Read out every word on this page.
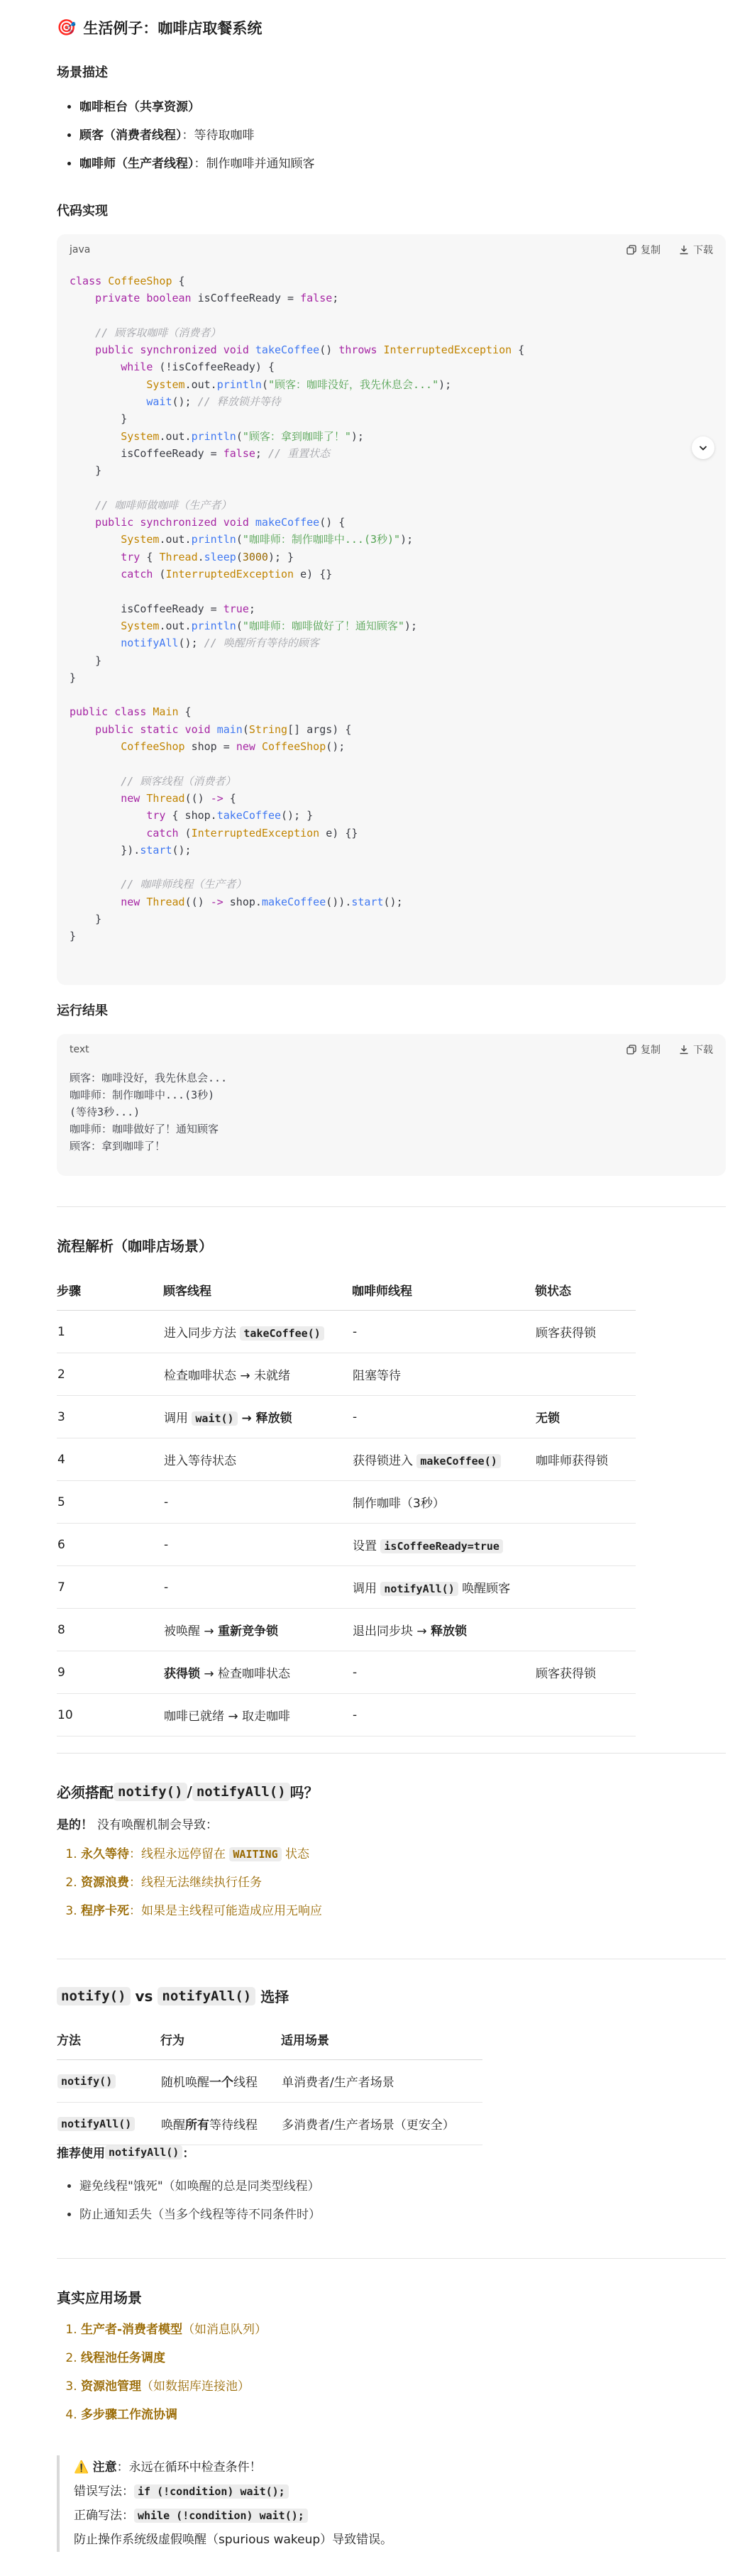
🎯 生活例子：咖啡店取餐系统
场景描述
• 咖啡柜台（共享资源）
• 顾客（消费者线程）：等待取咖啡
• 咖啡师（生产者线程）：制作咖啡并通知顾客
代码实现
java	复制	下载
class CoffeeShop {
private boolean isCoffeeReady = false;

// 顾客取咖啡（消费者）
public synchronized void takeCoffee() throws InterruptedException {
while (!isCoffeeReady) {
System.out.println("顾客：咖啡没好，我先休息会...");
wait(); // 释放锁并等待
}
System.out.println("顾客：拿到咖啡了！");
isCoffeeReady = false; // 重置状态
}

// 咖啡师做咖啡（生产者）
public synchronized void makeCoffee() {
System.out.println("咖啡师：制作咖啡中...(3秒)");
try { Thread.sleep(3000); }
catch (InterruptedException e) {}

isCoffeeReady = true;
System.out.println("咖啡师：咖啡做好了！通知顾客");
notifyAll(); // 唤醒所有等待的顾客
}
}

public class Main {
public static void main(String[] args) {
CoffeeShop shop = new CoffeeShop();

// 顾客线程（消费者）
new Thread(() -> {
try { shop.takeCoffee(); }
catch (InterruptedException e) {}
}).start();

// 咖啡师线程（生产者）
new Thread(() -> shop.makeCoffee()).start();
}
}
运行结果
text	复制	下载
顾客：咖啡没好，我先休息会...
咖啡师：制作咖啡中...(3秒)
(等待3秒...)
咖啡师：咖啡做好了！通知顾客
顾客：拿到咖啡了！
流程解析（咖啡店场景）
步骤	顾客线程	咖啡师线程	锁状态
1	进入同步方法 takeCoffee()	-	顾客获得锁
2	检查咖啡状态 → 未就绪	阻塞等待	
3	调用 wait() → 释放锁	-	无锁
4	进入等待状态	获得锁进入 makeCoffee()	咖啡师获得锁
5	-	制作咖啡（3秒）	
6	-	设置 isCoffeeReady=true	
7	-	调用 notifyAll() 唤醒顾客	
8	被唤醒 → 重新竞争锁	退出同步块 → 释放锁	
9	获得锁 → 检查咖啡状态	-	顾客获得锁
10	咖啡已就绪 → 取走咖啡	-	
必须搭配 notify() / notifyAll() 吗？
是的！ 没有唤醒机制会导致：
1. 永久等待：线程永远停留在 WAITING 状态
2. 资源浪费：线程无法继续执行任务
3. 程序卡死：如果是主线程可能造成应用无响应
notify() vs notifyAll() 选择
方法	行为	适用场景
notify()	随机唤醒一个线程	单消费者/生产者场景
notifyAll()	唤醒所有等待线程	多消费者/生产者场景（更安全）
推荐使用 notifyAll() ：
• 避免线程"饿死"（如唤醒的总是同类型线程）
• 防止通知丢失（当多个线程等待不同条件时）
真实应用场景
1. 生产者-消费者模型（如消息队列）
2. 线程池任务调度
3. 资源池管理（如数据库连接池）
4. 多步骤工作流协调
⚠️ 注意：永远在循环中检查条件！
错误写法： if (!condition) wait();
正确写法： while (!condition) wait();
防止操作系统级虚假唤醒（spurious wakeup）导致错误。
